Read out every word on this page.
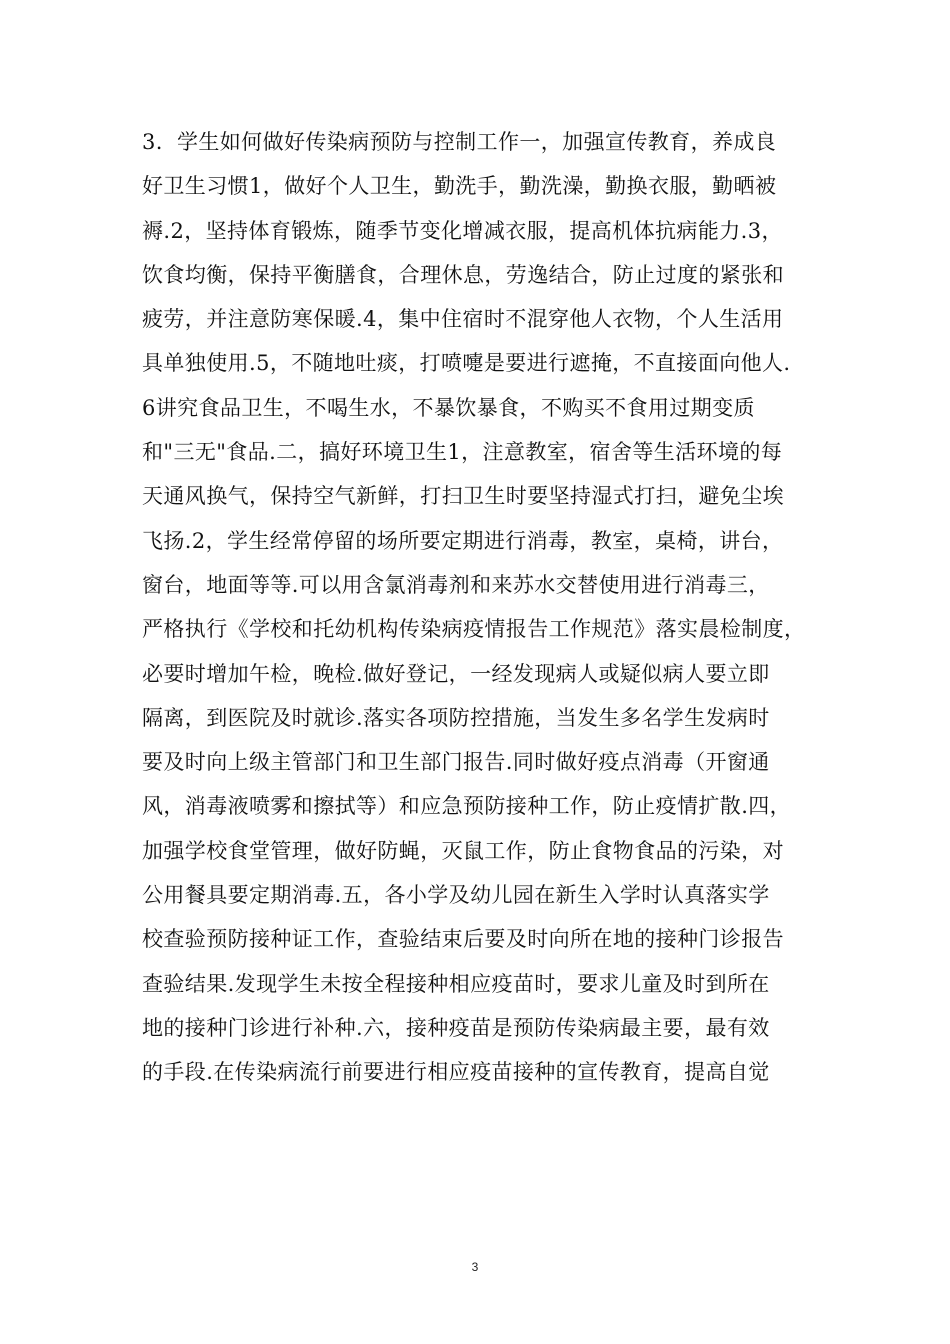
3.  学生如何做好传染病预防与控制工作一，加强宣传教育，养成良
好卫生习惯1，做好个人卫生，勤洗手，勤洗澡，勤换衣服，勤晒被
褥.2，坚持体育锻炼，随季节变化增减衣服，提高机体抗病能力.3，
饮食均衡，保持平衡膳食，合理休息，劳逸结合，防止过度的紧张和
疲劳，并注意防寒保暖.4，集中住宿时不混穿他人衣物，个人生活用
具单独使用.5，不随地吐痰，打喷嚏是要进行遮掩，不直接面向他人.
6讲究食品卫生，不喝生水，不暴饮暴食，不购买不食用过期变质
和"三无"食品.二，搞好环境卫生1，注意教室，宿舍等生活环境的每
天通风换气，保持空气新鲜，打扫卫生时要坚持湿式打扫，避免尘埃
飞扬.2，学生经常停留的场所要定期进行消毒，教室，桌椅，讲台，
窗台，地面等等.可以用含氯消毒剂和来苏水交替使用进行消毒三，
严格执行《学校和托幼机构传染病疫情报告工作规范》落实晨检制度，
必要时增加午检，晚检.做好登记，一经发现病人或疑似病人要立即
隔离，到医院及时就诊.落实各项防控措施，当发生多名学生发病时
要及时向上级主管部门和卫生部门报告.同时做好疫点消毒（开窗通
风，消毒液喷雾和擦拭等）和应急预防接种工作，防止疫情扩散.四，
加强学校食堂管理，做好防蝇，灭鼠工作，防止食物食品的污染，对
公用餐具要定期消毒.五，各小学及幼儿园在新生入学时认真落实学
校查验预防接种证工作，查验结束后要及时向所在地的接种门诊报告
查验结果.发现学生未按全程接种相应疫苗时，要求儿童及时到所在
地的接种门诊进行补种.六，接种疫苗是预防传染病最主要，最有效
的手段.在传染病流行前要进行相应疫苗接种的宣传教育，提高自觉
3
